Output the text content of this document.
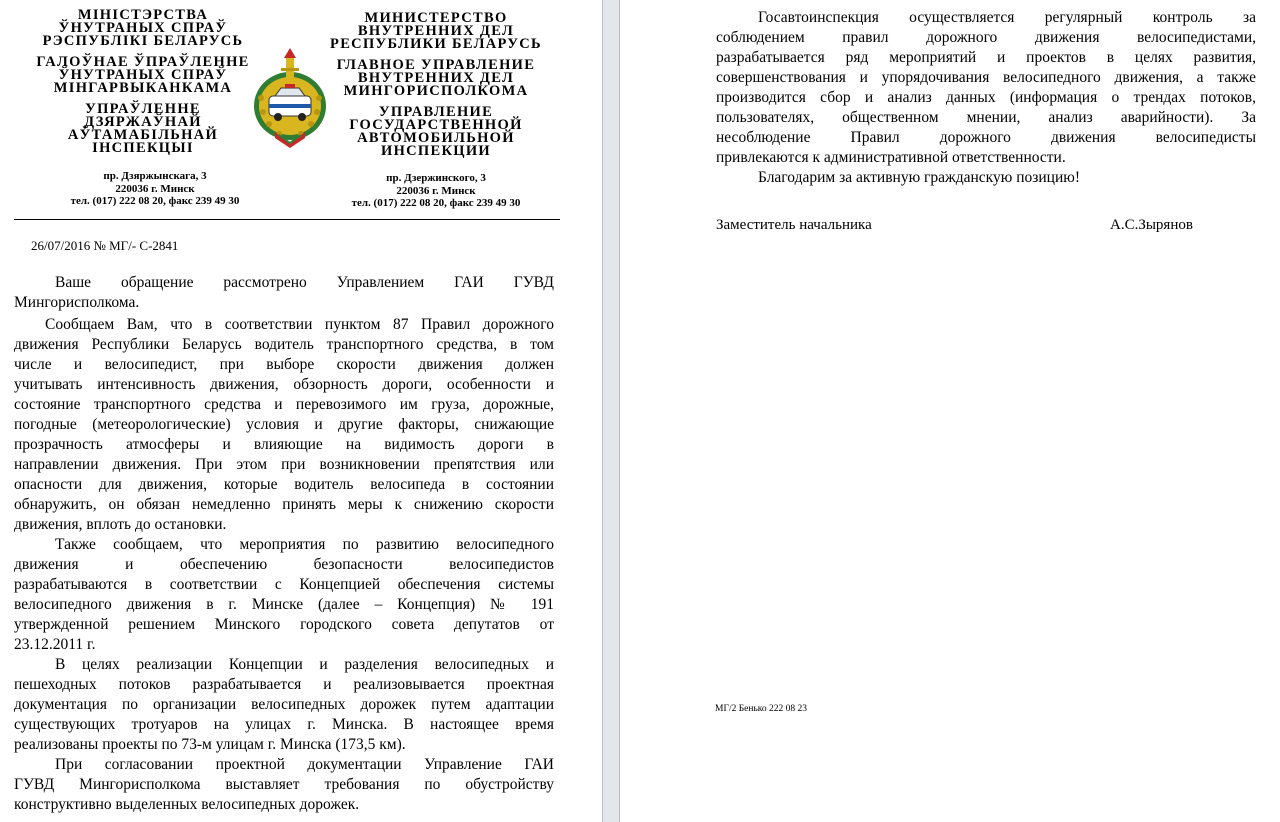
МІНІСТЭРСТВА
ЎНУТРАНЫХ СПРАЎ
РЭСПУБЛІКІ БЕЛАРУСЬ
ГАЛОЎНАЕ ЎПРАЎЛЕННЕ
ЎНУТРАНЫХ СПРАЎ
МІНГАРВЫКАНКАМА
УПРАЎЛЕННЕ
ДЗЯРЖАЎНАЙ
АЎТАМАБІЛЬНАЙ
ІНСПЕКЦЫІ
пр. Дзяржынскага, 3
220036 г. Минск
тел. (017) 222 08 20, факс 239 49 30
МИНИСТЕРСТВО
ВНУТРЕННИХ ДЕЛ
РЕСПУБЛИКИ БЕЛАРУСЬ
ГЛАВНОЕ УПРАВЛЕНИЕ
ВНУТРЕННИХ ДЕЛ
МИНГОРИСПОЛКОМА
УПРАВЛЕНИЕ
ГОСУДАРСТВЕННОЙ
АВТОМОБИЛЬНОЙ
ИНСПЕКЦИИ
пр. Дзержинского, 3
220036 г. Минск
тел. (017) 222 08 20, факс 239 49 30
26/07/2016 № МГ/- С-2841
Ваше обращение рассмотрено Управлением ГАИ ГУВД
Мингорисполкома.
Сообщаем Вам, что в соответствии пунктом 87 Правил дорожного
движения Республики Беларусь водитель транспортного средства, в том
числе и велосипедист, при выборе скорости движения должен
учитывать интенсивность движения, обзорность дороги, особенности и
состояние транспортного средства и перевозимого им груза, дорожные,
погодные (метеорологические) условия и другие факторы, снижающие
прозрачность атмосферы и влияющие на видимость дороги в
направлении движения. При этом при возникновении препятствия или
опасности для движения, которые водитель велосипеда в состоянии
обнаружить, он обязан немедленно принять меры к снижению скорости
движения, вплоть до остановки.
Также сообщаем, что мероприятия по развитию велосипедного
движения и обеспечению безопасности велосипедистов
разрабатываются в соответствии с Концепцией обеспечения системы
велосипедного движения в г. Минске (далее – Концепция) № 191
утвержденной решением Минского городского совета депутатов от
23.12.2011 г.
В целях реализации Концепции и разделения велосипедных и
пешеходных потоков разрабатывается и реализовывается проектная
документация по организации велосипедных дорожек путем адаптации
существующих тротуаров на улицах г. Минска. В настоящее время
реализованы проекты по 73-м улицам г. Минска (173,5 км).
При согласовании проектной документации Управление ГАИ
ГУВД Мингорисполкома выставляет требования по обустройству
конструктивно выделенных велосипедных дорожек.
Госавтоинспекция осуществляется регулярный контроль за
соблюдением правил дорожного движения велосипедистами,
разрабатывается ряд мероприятий и проектов в целях развития,
совершенствования и упорядочивания велосипедного движения, а также
производится сбор и анализ данных (информация о трендах потоков,
пользователях, общественном мнении, анализ аварийности). За
несоблюдение Правил дорожного движения велосипедисты
привлекаются к административной ответственности.
Благодарим за активную гражданскую позицию!
Заместитель начальника	А.С.Зырянов
МГ/2 Бенько 222 08 23
